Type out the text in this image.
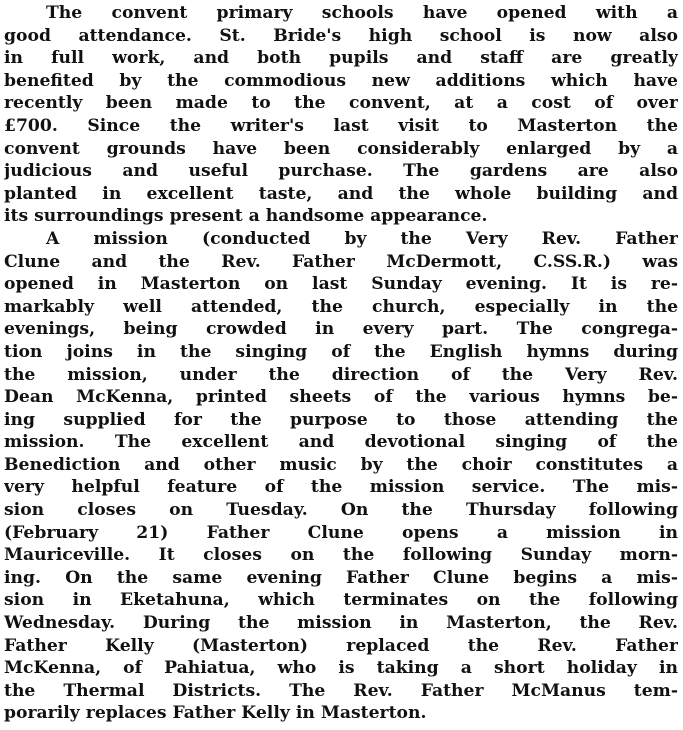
The convent primary schools have opened with a
good attendance. St. Bride's high school is now also
in full work, and both pupils and staff are greatly
benefited by the commodious new additions which have
recently been made to the convent, at a cost of over
£700. Since the writer's last visit to Masterton the
convent grounds have been considerably enlarged by a
judicious and useful purchase. The gardens are also
planted in excellent taste, and the whole building and
its surroundings present a handsome appearance.
A mission (conducted by the Very Rev. Father
Clune and the Rev. Father McDermott, C.SS.R.) was
opened in Masterton on last Sunday evening. It is re-
markably well attended, the church, especially in the
evenings, being crowded in every part. The congrega-
tion joins in the singing of the English hymns during
the mission, under the direction of the Very Rev.
Dean McKenna, printed sheets of the various hymns be-
ing supplied for the purpose to those attending the
mission. The excellent and devotional singing of the
Benediction and other music by the choir constitutes a
very helpful feature of the mission service. The mis-
sion closes on Tuesday. On the Thursday following
(February 21) Father Clune opens a mission in
Mauriceville. It closes on the following Sunday morn-
ing. On the same evening Father Clune begins a mis-
sion in Eketahuna, which terminates on the following
Wednesday. During the mission in Masterton, the Rev.
Father Kelly (Masterton) replaced the Rev. Father
McKenna, of Pahiatua, who is taking a short holiday in
the Thermal Districts. The Rev. Father McManus tem-
porarily replaces Father Kelly in Masterton.
